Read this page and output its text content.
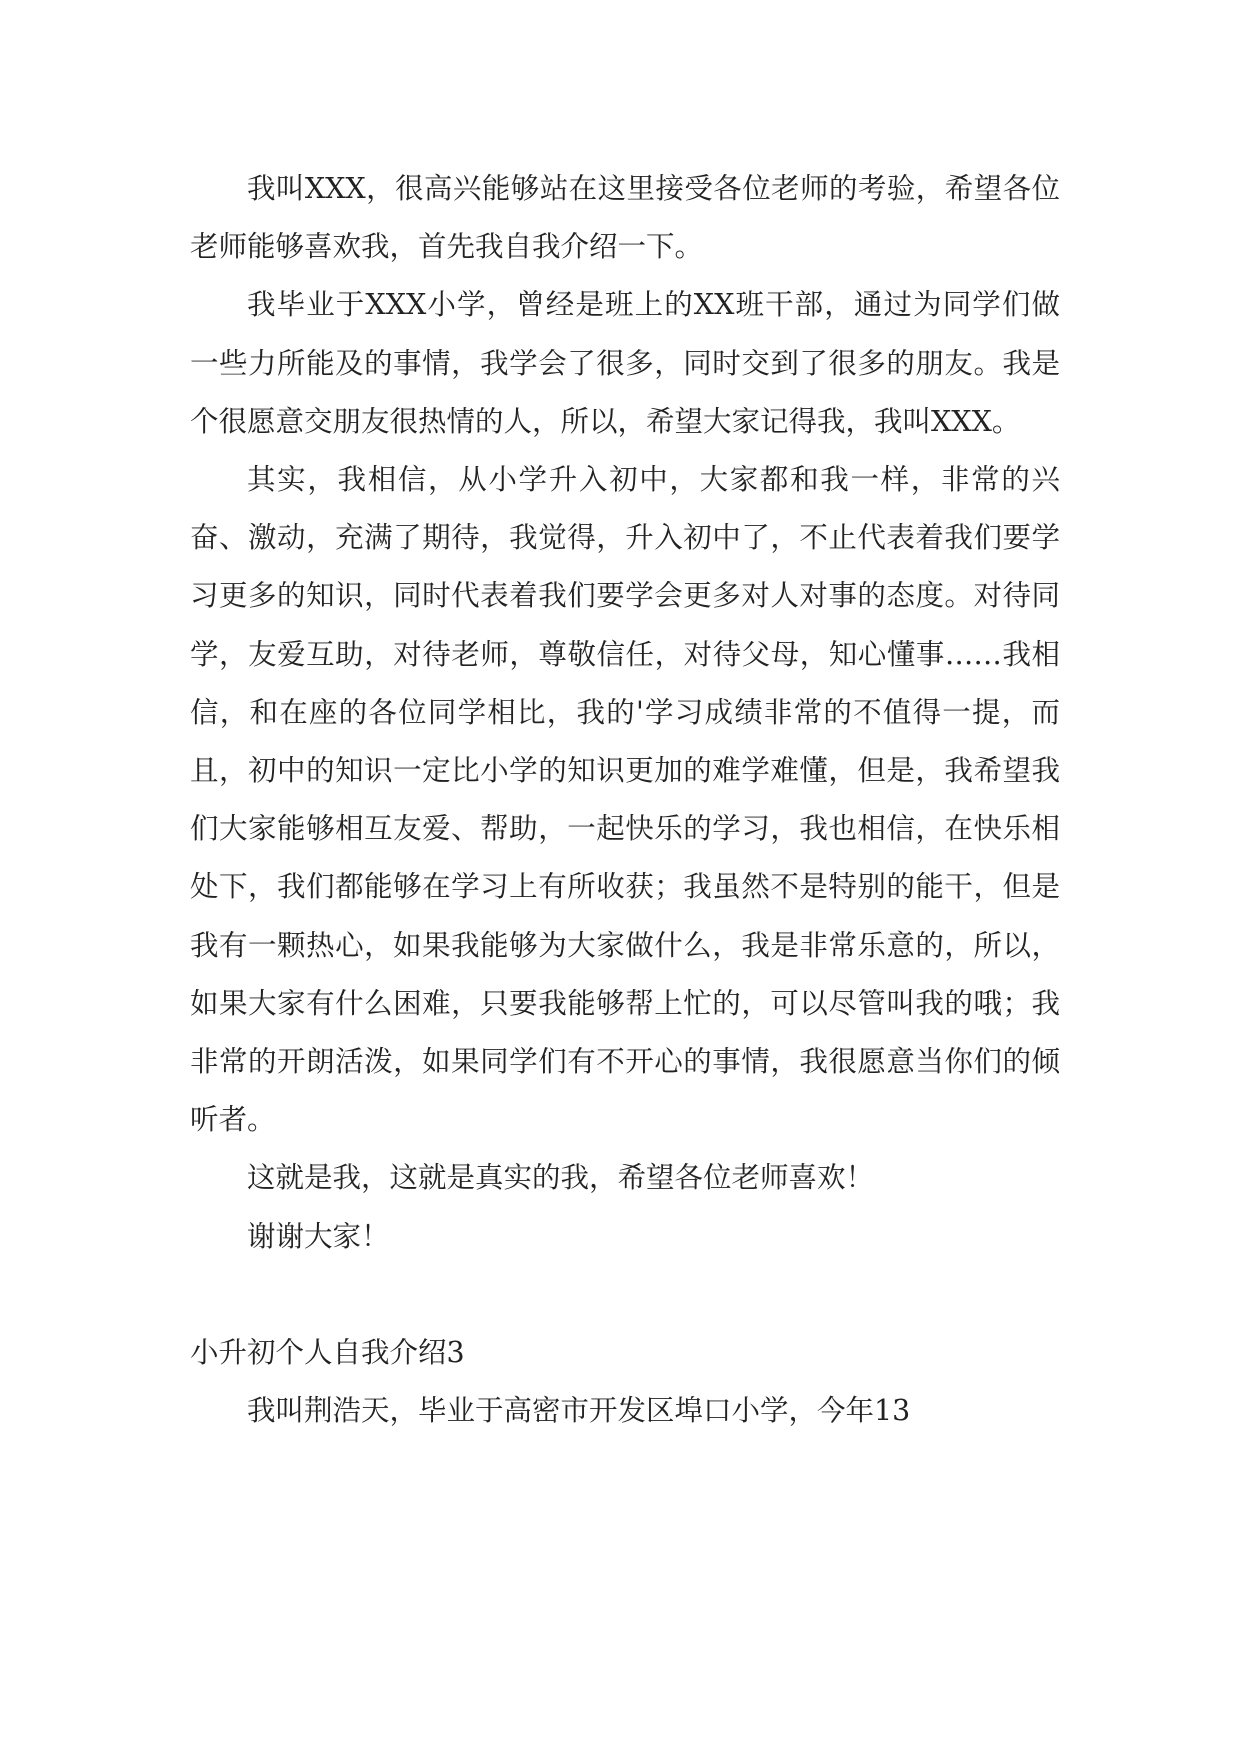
我叫XXX，很高兴能够站在这里接受各位老师的考验，希望各位老师能够喜欢我，首先我自我介绍一下。

我毕业于XXX小学，曾经是班上的XX班干部，通过为同学们做一些力所能及的事情，我学会了很多，同时交到了很多的朋友。我是个很愿意交朋友很热情的人，所以，希望大家记得我，我叫XXX。

其实，我相信，从小学升入初中，大家都和我一样，非常的兴奋、激动，充满了期待，我觉得，升入初中了，不止代表着我们要学习更多的知识，同时代表着我们要学会更多对人对事的态度。对待同学，友爱互助，对待老师，尊敬信任，对待父母，知心懂事……我相信，和在座的各位同学相比，我的'学习成绩非常的不值得一提，而且，初中的知识一定比小学的知识更加的难学难懂，但是，我希望我们大家能够相互友爱、帮助，一起快乐的学习，我也相信，在快乐相处下，我们都能够在学习上有所收获；我虽然不是特别的能干，但是我有一颗热心，如果我能够为大家做什么，我是非常乐意的，所以，如果大家有什么困难，只要我能够帮上忙的，可以尽管叫我的哦；我非常的开朗活泼，如果同学们有不开心的事情，我很愿意当你们的倾听者。

这就是我，这就是真实的我，希望各位老师喜欢！

谢谢大家！

小升初个人自我介绍3

我叫荆浩天，毕业于高密市开发区埠口小学，今年13
